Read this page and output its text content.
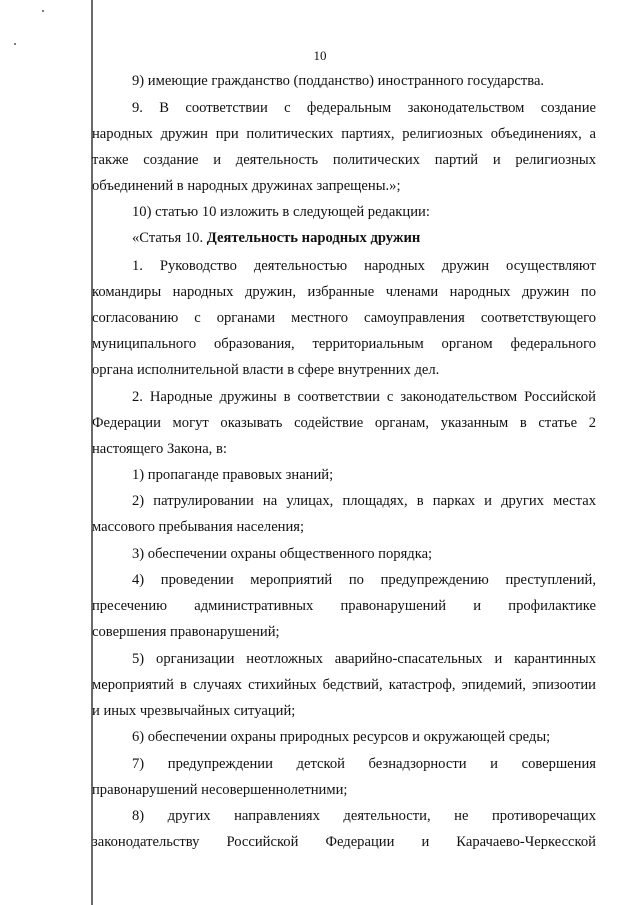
10
9) имеющие гражданство (подданство) иностранного государства.
9. В соответствии с федеральным законодательством создание
народных дружин при политических партиях, религиозных объединениях, а
также создание и деятельность политических партий и религиозных
объединений в народных дружинах запрещены.»;
10) статью 10 изложить в следующей редакции:
«Статья 10. Деятельность народных дружин
1. Руководство деятельностью народных дружин осуществляют
командиры народных дружин, избранные членами народных дружин по
согласованию с органами местного самоуправления соответствующего
муниципального образования, территориальным органом федерального
органа исполнительной власти в сфере внутренних дел.
2. Народные дружины в соответствии с законодательством Российской
Федерации могут оказывать содействие органам, указанным в статье 2
настоящего Закона, в:
1) пропаганде правовых знаний;
2) патрулировании на улицах, площадях, в парках и других местах
массового пребывания населения;
3) обеспечении охраны общественного порядка;
4) проведении мероприятий по предупреждению преступлений,
пресечению административных правонарушений и профилактике
совершения правонарушений;
5) организации неотложных аварийно-спасательных и карантинных
мероприятий в случаях стихийных бедствий, катастроф, эпидемий, эпизоотии
и иных чрезвычайных ситуаций;
6) обеспечении охраны природных ресурсов и окружающей среды;
7) предупреждении детской безнадзорности и совершения
правонарушений несовершеннолетними;
8) других направлениях деятельности, не противоречащих
законодательству Российской Федерации и Карачаево-Черкесской
